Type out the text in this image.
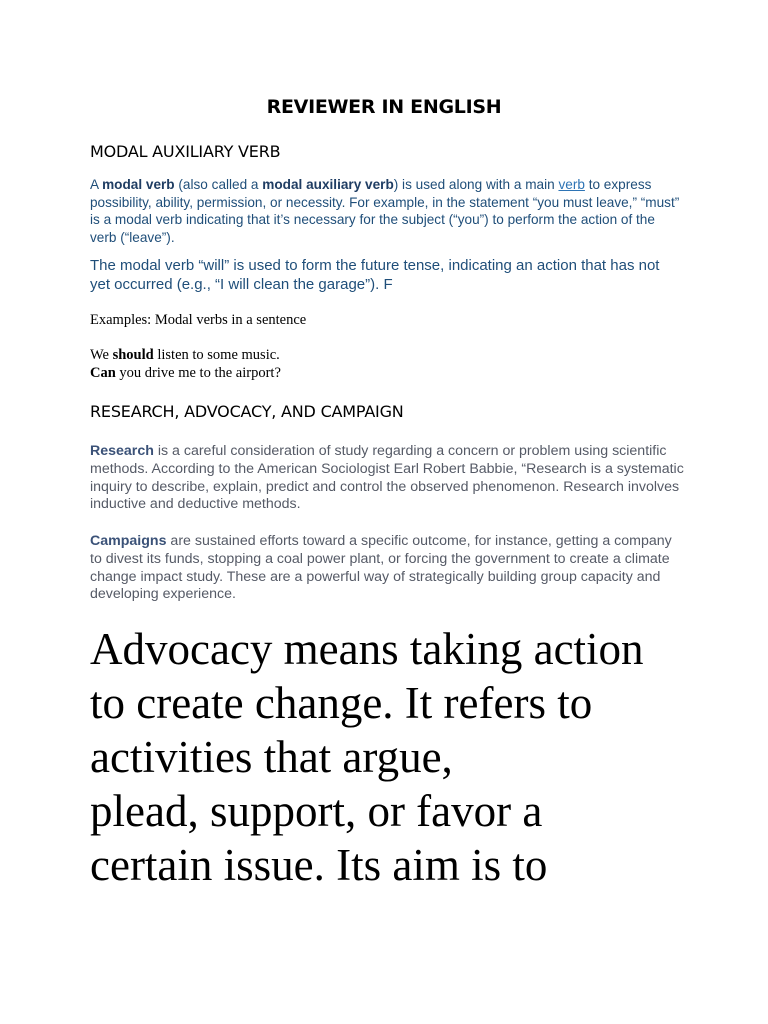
REVIEWER IN ENGLISH
MODAL AUXILIARY VERB
A modal verb (also called a modal auxiliary verb) is used along with a main verb to express possibility, ability, permission, or necessity. For example, in the statement “you must leave,” “must” is a modal verb indicating that it’s necessary for the subject (“you”) to perform the action of the verb (“leave”).
The modal verb “will” is used to form the future tense, indicating an action that has not yet occurred (e.g., “I will clean the garage”). F
Examples: Modal verbs in a sentence
We should listen to some music.
Can you drive me to the airport?
RESEARCH, ADVOCACY, AND CAMPAIGN
Research is a careful consideration of study regarding a concern or problem using scientific methods. According to the American Sociologist Earl Robert Babbie, “Research is a systematic inquiry to describe, explain, predict and control the observed phenomenon. Research involves inductive and deductive methods.
Campaigns are sustained efforts toward a specific outcome, for instance, getting a company to divest its funds, stopping a coal power plant, or forcing the government to create a climate change impact study. These are a powerful way of strategically building group capacity and developing experience.
Advocacy means taking action
to create change. It refers to
activities that argue,
plead, support, or favor a
certain issue. Its aim is to
